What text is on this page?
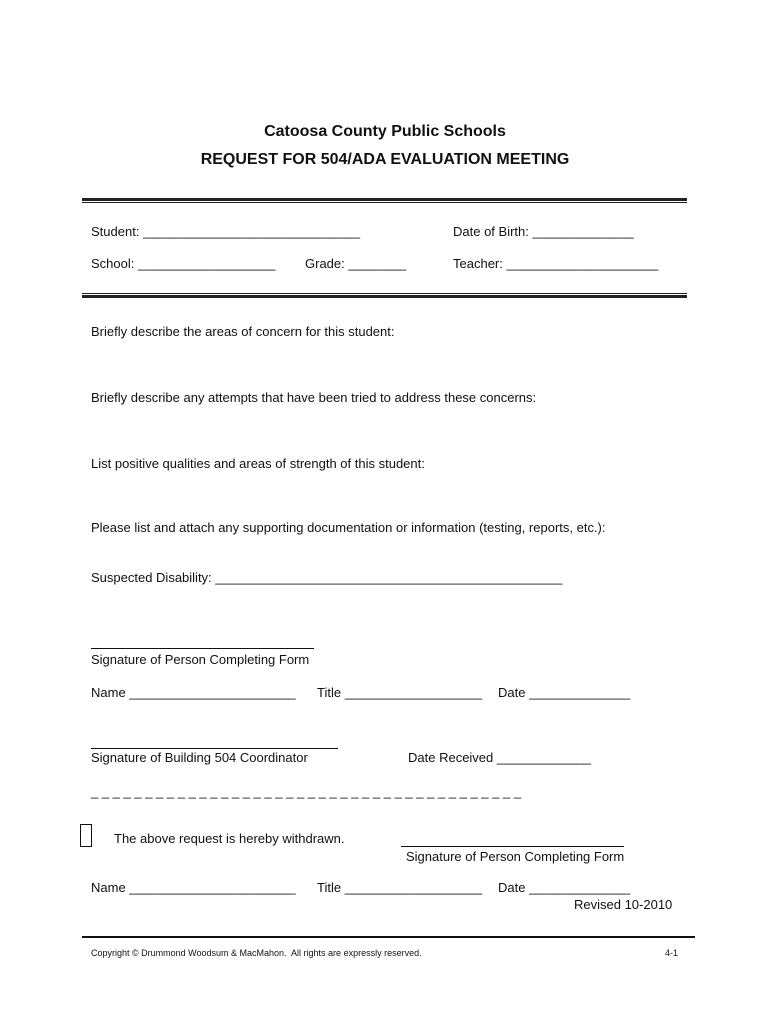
Catoosa County Public Schools
REQUEST FOR 504/ADA EVALUATION MEETING
Student: ______________________________	Date of Birth: ______________
School: ___________________ Grade: ________	Teacher: _____________________
Briefly describe the areas of concern for this student:
Briefly describe any attempts that have been tried to address these concerns:
List positive qualities and areas of strength of this student:
Please list and attach any supporting documentation or information (testing, reports, etc.):
Suspected Disability: ________________________________________________
Signature of Person Completing Form
Name _______________________ Title ___________________ Date ______________
Signature of Building 504 Coordinator	Date Received _____________
_ _ _ _ _ _ _ _ _ _ _ _ _ _ _ _ _ _ _ _ _ _ _ _ _ _ _ _ _ _ _ _ _ _ _ _ _ _ _ _
The above request is hereby withdrawn.
Signature of Person Completing Form
Name _______________________ Title ___________________ Date ______________
Revised 10-2010
Copyright © Drummond Woodsum & MacMahon.  All rights are expressly reserved.	4-1
